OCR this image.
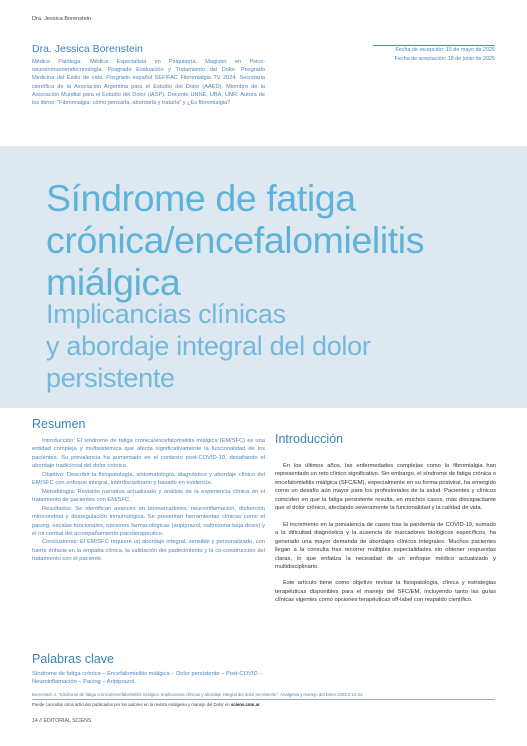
Dra. Jessica Borenstein
Dra. Jessica Borenstein
Médica Patóloga. Médica Especialista en Psiquiatría. Magister en Psico-neuroinmunoendocrinología. Posgrado Evaluación y Tratamiento del Dolor. Posgrado Medicina del Estilo de vida. Posgrado español SEFIFAC Fibromialgia TV 2024. Secretaria científica de la Asociación Argentina para el Estudio del Dolor (AAED). Miembro de la Asociación Mundial para el Estudio del Dolor (IASP). Docente UNNE, UBA, UNR. Autora de los libros: “Fibromialgia: cómo pensarla, abordarla y tratarla” y ¿Es fibromialgia?
Fecha de recepción: 15 de mayo de 2025
Fecha de aceptación: 18 de junio de 2025
Síndrome de fatiga
crónica/encefalomielitis
miálgica
Implicancias clínicas
y abordaje integral del dolor
persistente
Resumen

Introducción: El síndrome de fatiga crónica/encefalomielitis miálgica (EM/SFC) es una entidad compleja y multisistémica que afecta significativamente la funcionalidad de los pacientes. Su prevalencia ha aumentado en el contexto post-COVID-19, desafiando el abordaje tradicional del dolor crónico.

Objetivo: Describir la fisiopatología, sintomatología, diagnóstico y abordaje clínico del EM/SFC con enfoque integral, interdisciplinario y basado en evidencia.

Metodología: Revisión narrativa actualizada y análisis de la experiencia clínica en el tratamiento de pacientes con EM/SFC.

Resultados: Se identifican avances en biomarcadores, neuroinflamación, disfunción mitocondrial y desregulación inmunológica. Se presentan herramientas clínicas como el pacing, escalas funcionales, opciones farmacológicas (aripiprazol, naltrexona baja dosis) y el rol central del acompañamiento psicoterapéutico.

Conclusiones: El EM/SFC requiere un abordaje integral, sensible y personalizado, con fuerte énfasis en la empatía clínica, la validación del padecimiento y la co-construcción del tratamiento con el paciente.

Palabras clave
Síndrome de fatiga crónica – Encefalomielitis miálgica – Dolor persistente – Post-COVID – Neuroinflamación – Pacing – Aripiprazol.
Introducción

En los últimos años, las enfermedades complejas como la fibromialgia han representado un reto clínico significativo. Sin embargo, el síndrome de fatiga crónica o encefalomielitis miálgica (SFC/EM), especialmente en su forma postviral, ha emergido como un desafío aún mayor para los profesionales de la salud. Pacientes y clínicos coinciden en que la fatiga persistente resulta, en muchos casos, más discapacitante que el dolor crónico, afectando severamente la funcionalidad y la calidad de vida.

El incremento en la prevalencia de casos tras la pandemia de COVID-19, sumado a la dificultad diagnóstica y la ausencia de marcadores biológicos específicos, ha generado una mayor demanda de abordajes clínicos integrales. Muchos pacientes llegan a la consulta tras recorrer múltiples especialidades sin obtener respuestas claras, lo que enfatiza la necesidad de un enfoque médico actualizado y multidisciplinario.

Este artículo tiene como objetivo revisar la fisiopatología, clínica y estrategias terapéuticas disponibles para el manejo del SFC/EM, incluyendo tanto las guías clínicas vigentes como opciones terapéuticas off-label con respaldo científico.

Borenstein J. “Síndrome de fatiga crónica/encefalomielitis miálgica. Implicancias clínicas y abordaje integral del dolor persistente”. Analgesia y manejo del Dolor 2025;2:14-22.
Puede consultar otros artículos publicados por los autores en la revista Analgesia y manejo del Dolor en sciens.com.ar
14 // EDITORIAL SCIENS
